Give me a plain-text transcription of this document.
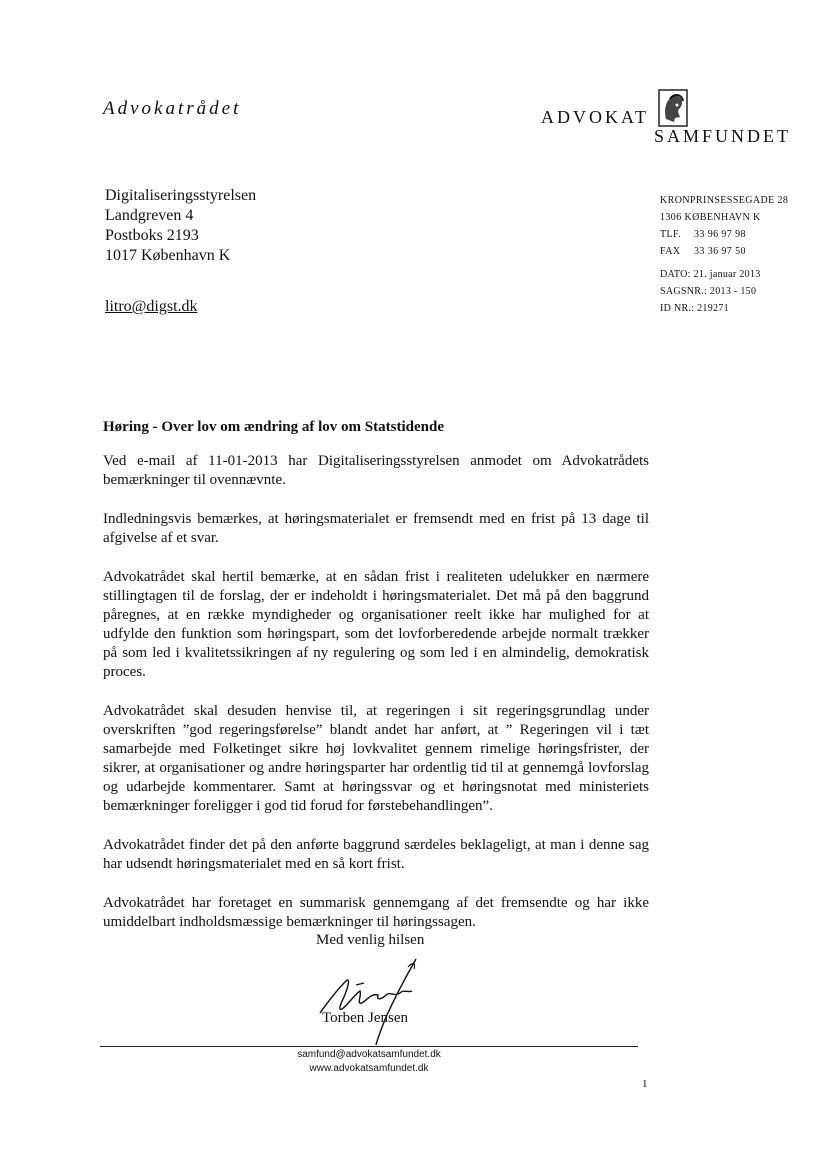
Advokatrådet	ADVOKAT
SAMFUNDET
Digitaliseringsstyrelsen
Landgreven 4
Postboks 2193
1017 København K
litro@digst.dk
KRONPRINSESSEGADE 28
1306 KØBENHAVN K
TLF. 33 96 97 98
FAX 33 36 97 50
DATO: 21. januar 2013
SAGSNR.: 2013 - 150
ID NR.: 219271
Høring - Over lov om ændring af lov om Statstidende

Ved e-mail af 11-01-2013 har Digitaliseringsstyrelsen anmodet om Advokatrådets bemærkninger til ovennævnte.

Indledningsvis bemærkes, at høringsmaterialet er fremsendt med en frist på 13 dage til afgivelse af et svar.

Advokatrådet skal hertil bemærke, at en sådan frist i realiteten udelukker en nærmere stillingtagen til de forslag, der er indeholdt i høringsmaterialet. Det må på den baggrund påregnes, at en række myndigheder og organisationer reelt ikke har mulighed for at udfylde den funktion som høringspart, som det lovforberedende arbejde normalt trækker på som led i kvalitetssikringen af ny regulering og som led i en almindelig, demokratisk proces.

Advokatrådet skal desuden henvise til, at regeringen i sit regeringsgrundlag under overskriften ”god regeringsførelse” blandt andet har anført, at ” Regeringen vil i tæt samarbejde med Folketinget sikre høj lovkvalitet gennem rimelige høringsfrister, der sikrer, at organisationer og andre høringsparter har ordentlig tid til at gennemgå lovforslag og udarbejde kommentarer. Samt at høringssvar og et høringsnotat med ministeriets bemærkninger foreligger i god tid forud for førstebehandlingen”.

Advokatrådet finder det på den anførte baggrund særdeles beklageligt, at man i denne sag har udsendt høringsmaterialet med en så kort frist.

Advokatrådet har foretaget en summarisk gennemgang af det fremsendte og har ikke umiddelbart indholdsmæssige bemærkninger til høringssagen.

Med venlig hilsen
Torben Jensen
samfund@advokatsamfundet.dk
www.advokatsamfundet.dk
1
